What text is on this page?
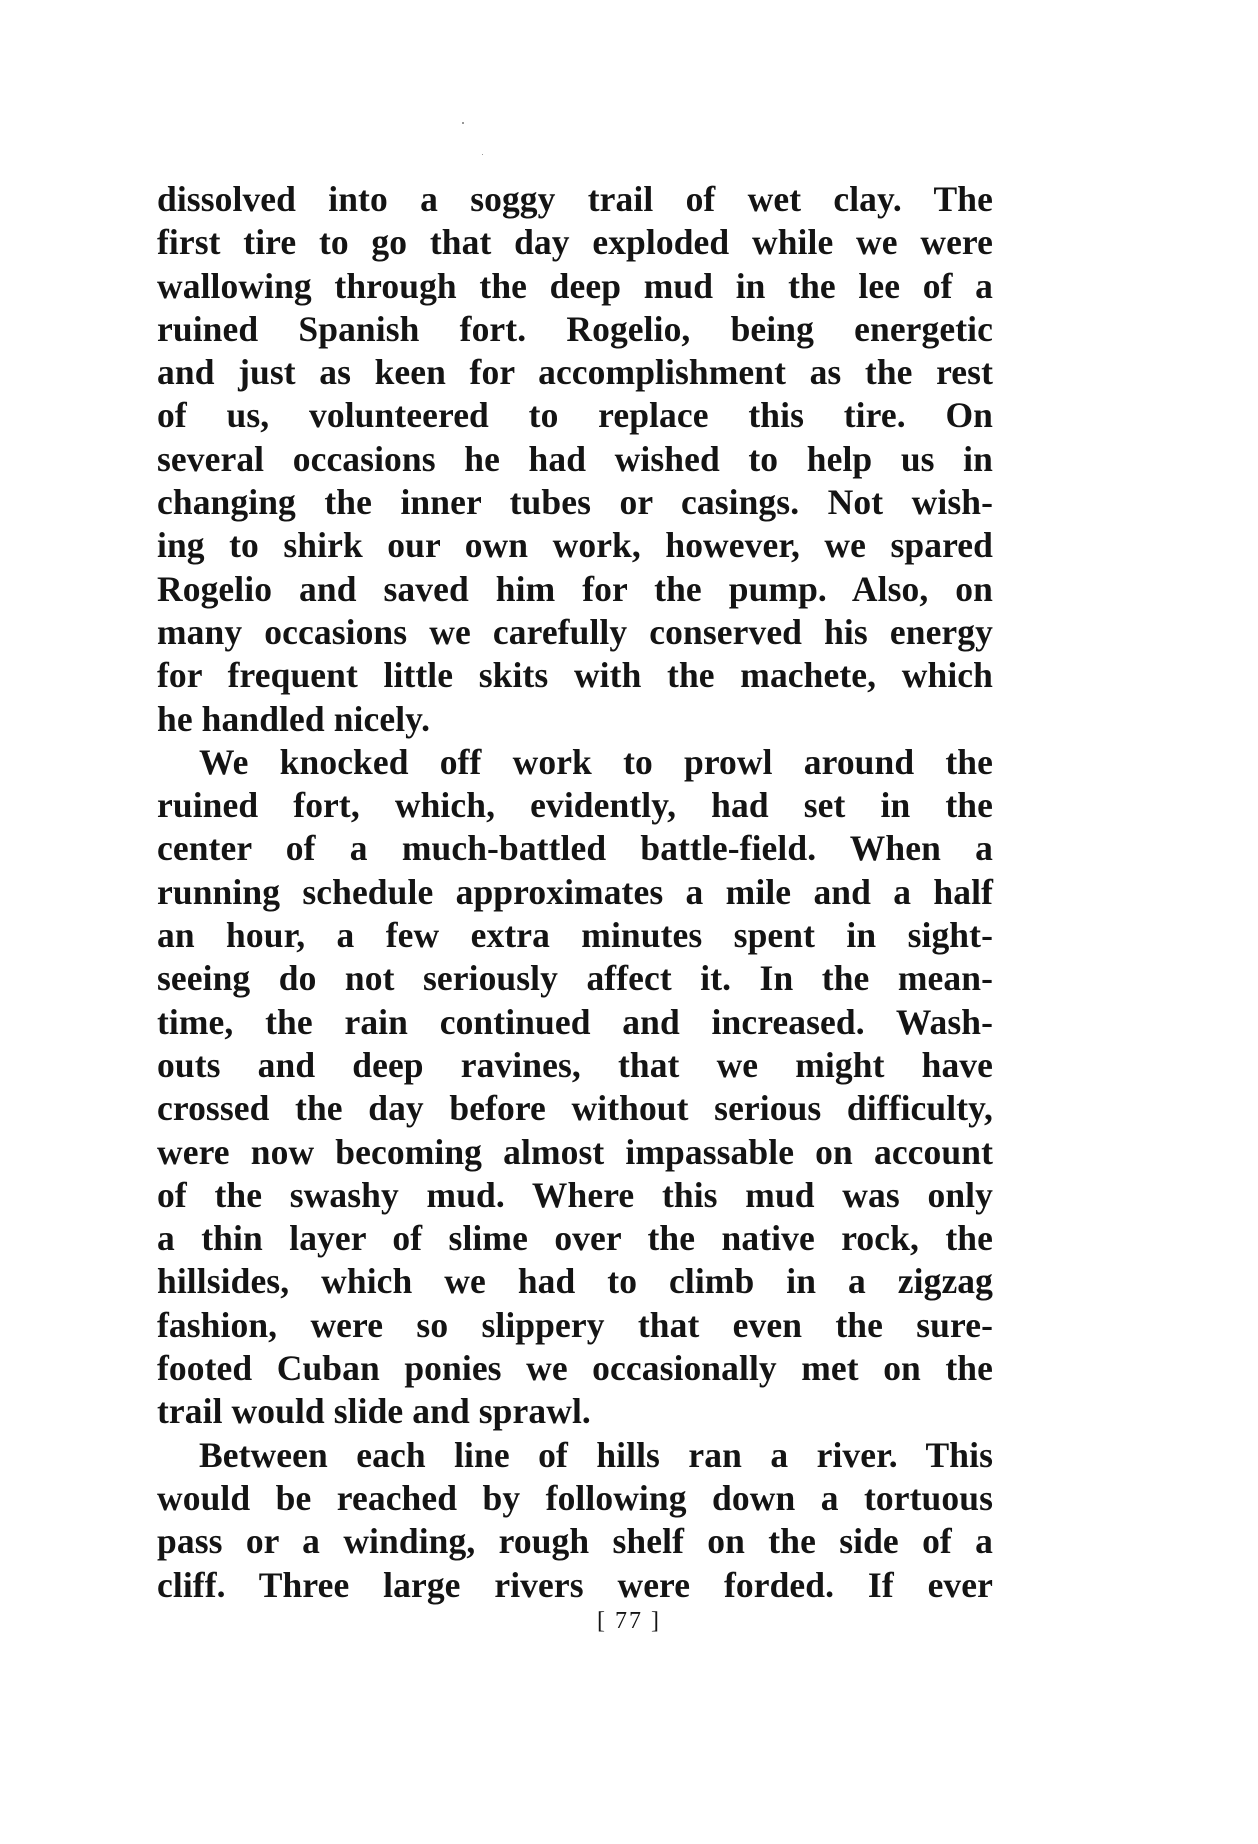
dissolved into a soggy trail of wet clay. The
first tire to go that day exploded while we were
wallowing through the deep mud in the lee of a
ruined Spanish fort. Rogelio, being energetic
and just as keen for accomplishment as the rest
of us, volunteered to replace this tire. On
several occasions he had wished to help us in
changing the inner tubes or casings. Not wish-
ing to shirk our own work, however, we spared
Rogelio and saved him for the pump. Also, on
many occasions we carefully conserved his energy
for frequent little skits with the machete, which
he handled nicely.
We knocked off work to prowl around the
ruined fort, which, evidently, had set in the
center of a much-battled battle-field. When a
running schedule approximates a mile and a half
an hour, a few extra minutes spent in sight-
seeing do not seriously affect it. In the mean-
time, the rain continued and increased. Wash-
outs and deep ravines, that we might have
crossed the day before without serious difficulty,
were now becoming almost impassable on account
of the swashy mud. Where this mud was only
a thin layer of slime over the native rock, the
hillsides, which we had to climb in a zigzag
fashion, were so slippery that even the sure-
footed Cuban ponies we occasionally met on the
trail would slide and sprawl.
Between each line of hills ran a river. This
would be reached by following down a tortuous
pass or a winding, rough shelf on the side of a
cliff. Three large rivers were forded. If ever
[ 77 ]
